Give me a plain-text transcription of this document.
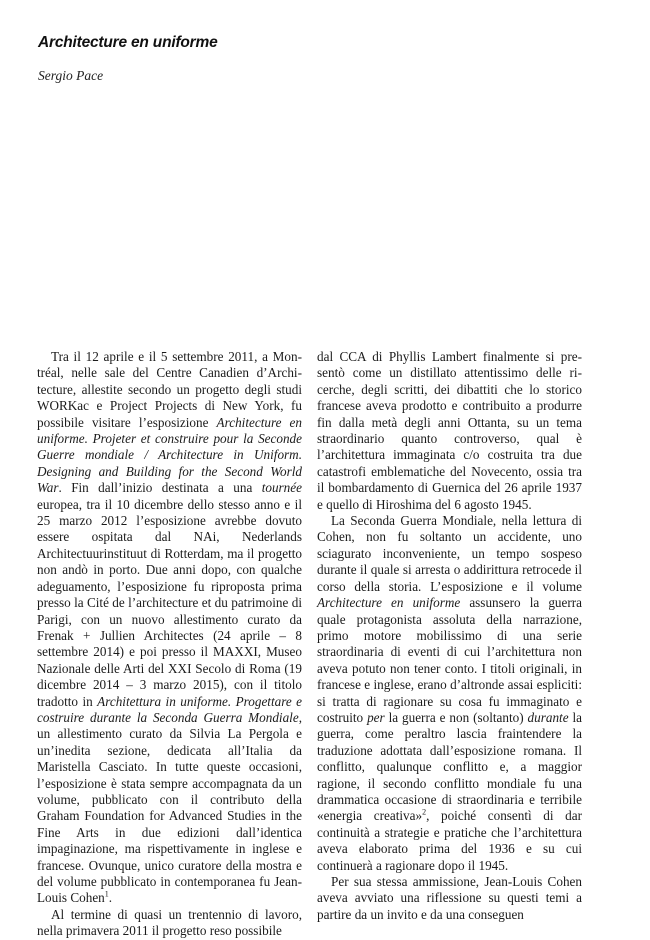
Architecture en uniforme
Sergio Pace

Tra il 12 aprile e il 5 settembre 2011, a Montréal, nelle sale del Centre Canadien d’Architecture, allestite secondo un progetto degli studi WORKac e Project Projects di New York, fu possibile visitare l’esposizione Architecture en uniforme. Projeter et construire pour la Seconde Guerre mondiale / Architecture in Uniform. Designing and Building for the Second World War. Fin dall’inizio destinata a una tournée europea, tra il 10 dicembre dello stesso anno e il 25 marzo 2012 l’esposizione avrebbe dovuto essere ospitata dal NAi, Nederlands Architectuurinstituut di Rotterdam, ma il progetto non andò in porto. Due anni dopo, con qualche adeguamento, l’esposizione fu riproposta prima presso la Cité de l’architecture et du patrimoine di Parigi, con un nuovo allestimento curato da Frenak + Jullien Architectes (24 aprile – 8 settembre 2014) e poi presso il MAXXI, Museo Nazionale delle Arti del XXI Secolo di Roma (19 dicembre 2014 – 3 marzo 2015), con il titolo tradotto in Architettura in uniforme. Progettare e costruire durante la Seconda Guerra Mondiale, un allestimento curato da Silvia La Pergola e un’inedita sezione, dedicata all’Italia da Maristella Casciato. In tutte queste occasioni, l’esposizione è stata sempre accompagnata da un volume, pubblicato con il contributo della Graham Foundation for Advanced Studies in the Fine Arts in due edizioni dall’identica impaginazione, ma rispettivamente in inglese e francese. Ovunque, unico curatore della mostra e del volume pubblicato in contemporanea fu Jean-Louis Cohen$^1$.

Al termine di quasi un trentennio di lavoro, nella primavera 2011 il progetto reso possibile

dal CCA di Phyllis Lambert finalmente si presentò come un distillato attentissimo delle ricerche, degli scritti, dei dibattiti che lo storico francese aveva prodotto e contribuito a produrre fin dalla metà degli anni Ottanta, su un tema straordinario quanto controverso, qual è l’architettura immaginata c/o costruita tra due catastrofi emblematiche del Novecento, ossia tra il bombardamento di Guernica del 26 aprile 1937 e quello di Hiroshima del 6 agosto 1945.

La Seconda Guerra Mondiale, nella lettura di Cohen, non fu soltanto un accidente, uno sciagurato inconveniente, un tempo sospeso durante il quale si arresta o addirittura retrocede il corso della storia. L’esposizione e il volume Architecture en uniforme assunsero la guerra quale protagonista assoluta della narrazione, primo motore mobilissimo di una serie straordinaria di eventi di cui l’architettura non aveva potuto non tener conto. I titoli originali, in francese e inglese, erano d’altronde assai espliciti: si tratta di ragionare su cosa fu immaginato e costruito per la guerra e non (soltanto) durante la guerra, come peraltro lascia fraintendere la traduzione adottata dall’esposizione romana. Il conflitto, qualunque conflitto e, a maggior ragione, il secondo conflitto mondiale fu una drammatica occasione di straordinaria e terribile «energia creativa»$^2$, poiché consentì di dar continuità a strategie e pratiche che l’architettura aveva elaborato prima del 1936 e su cui continuerà a ragionare dopo il 1945.

Per sua stessa ammissione, Jean-Louis Cohen aveva avviato una riflessione su questi temi a partire da un invito e da una conseguen
